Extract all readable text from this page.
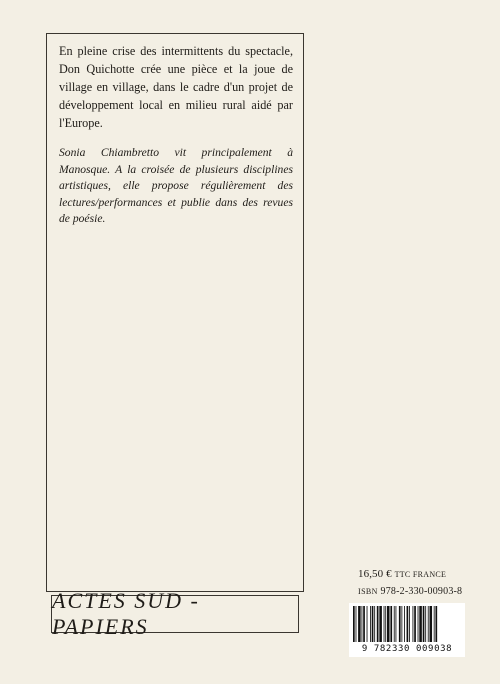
En pleine crise des intermittents du spectacle, Don Quichotte crée une pièce et la joue de village en village, dans le cadre d'un projet de développement local en milieu rural aidé par l'Europe.

Sonia Chiambretto vit principalement à Manosque. A la croisée de plusieurs disciplines artistiques, elle propose régulièrement des lectures/performances et publie dans des revues de poésie.

16,50 € TTC FRANCE
ISBN 978-2-330-00903-8
ACTES SUD - PAPIERS
9 782330 009038
